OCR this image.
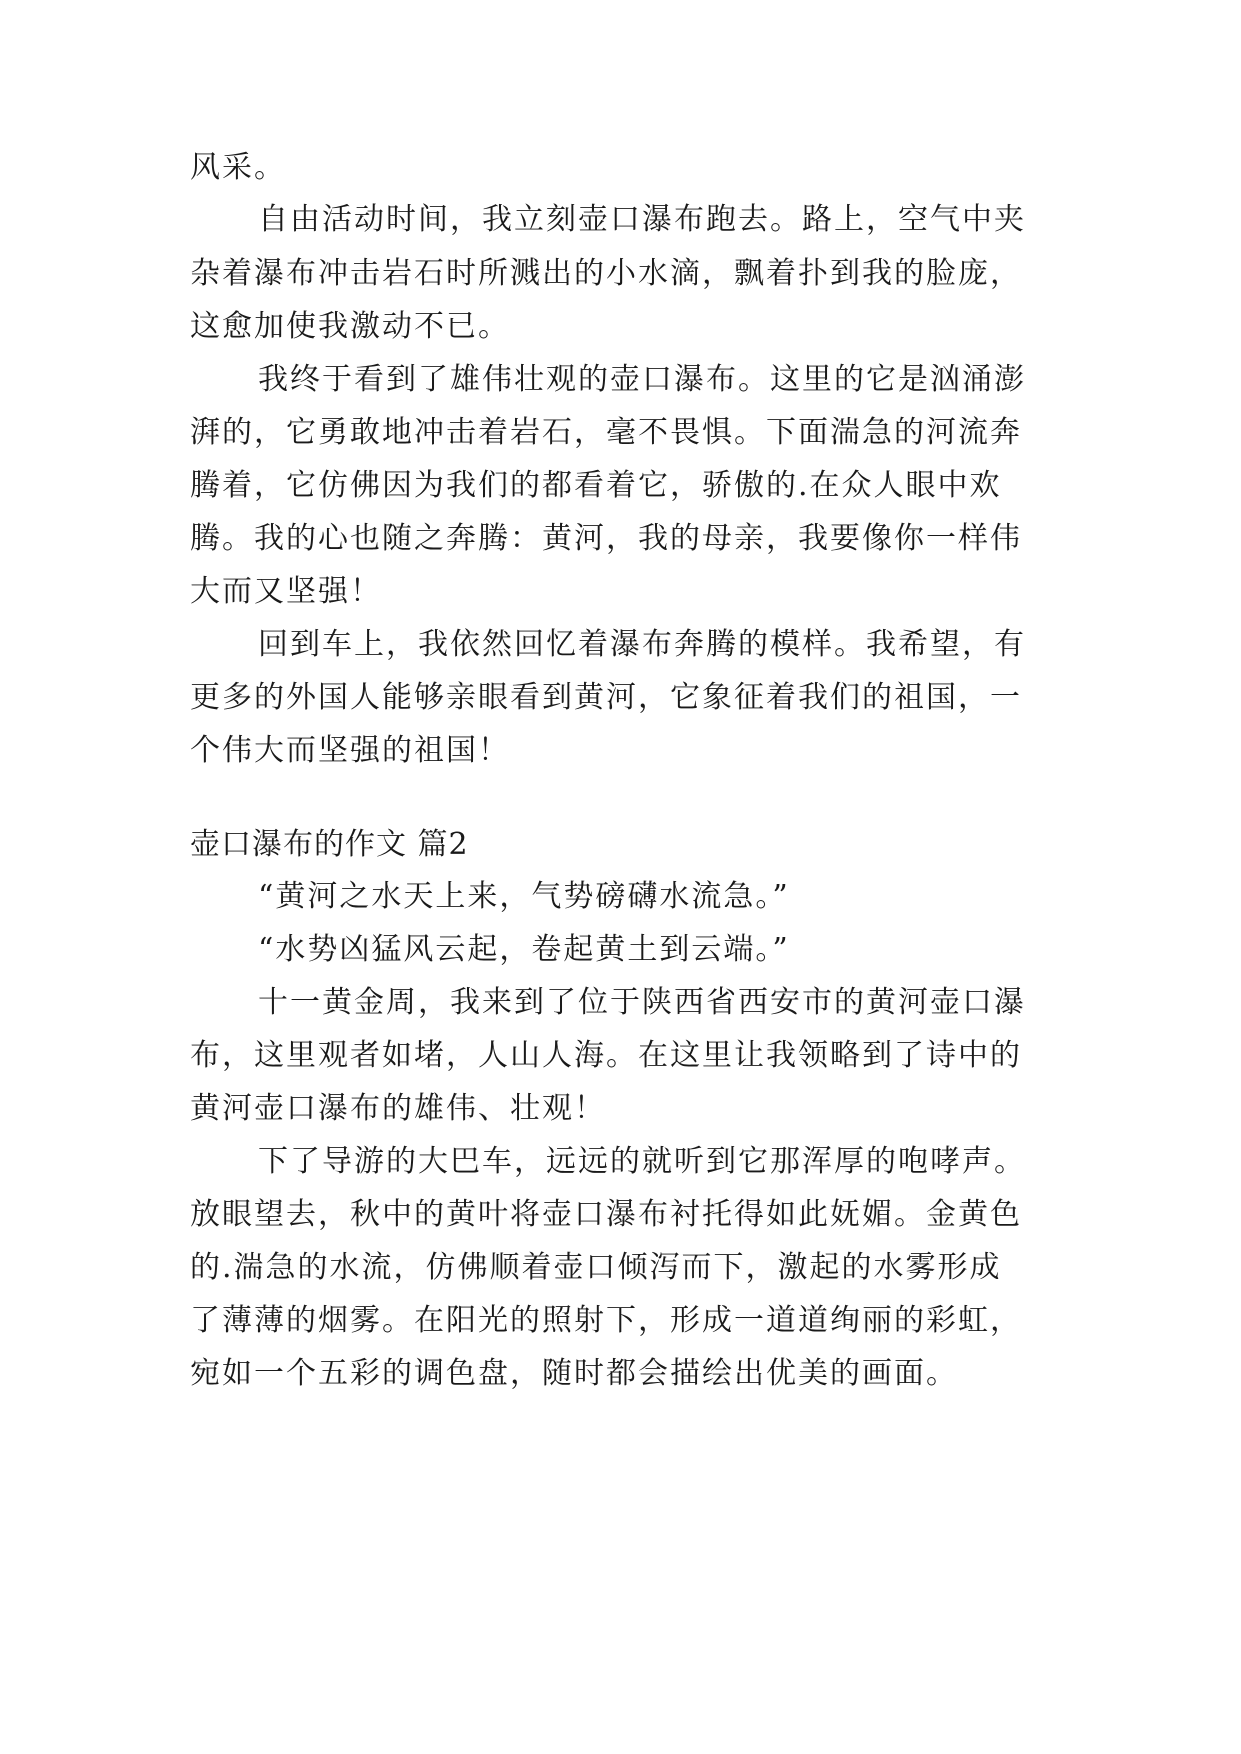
风采。
自由活动时间，我立刻壶口瀑布跑去。路上，空气中夹
杂着瀑布冲击岩石时所溅出的小水滴，飘着扑到我的脸庞，
这愈加使我激动不已。
我终于看到了雄伟壮观的壶口瀑布。这里的它是汹涌澎
湃的，它勇敢地冲击着岩石，毫不畏惧。下面湍急的河流奔
腾着，它仿佛因为我们的都看着它，骄傲的.在众人眼中欢
腾。我的心也随之奔腾：黄河，我的母亲，我要像你一样伟
大而又坚强！
回到车上，我依然回忆着瀑布奔腾的模样。我希望，有
更多的外国人能够亲眼看到黄河，它象征着我们的祖国，一
个伟大而坚强的祖国！
壶口瀑布的作文 篇2
“黄河之水天上来，气势磅礴水流急。”
“水势凶猛风云起，卷起黄土到云端。”
十一黄金周，我来到了位于陕西省西安市的黄河壶口瀑
布，这里观者如堵，人山人海。在这里让我领略到了诗中的
黄河壶口瀑布的雄伟、壮观！
下了导游的大巴车，远远的就听到它那浑厚的咆哮声。
放眼望去，秋中的黄叶将壶口瀑布衬托得如此妩媚。金黄色
的.湍急的水流，仿佛顺着壶口倾泻而下，激起的水雾形成
了薄薄的烟雾。在阳光的照射下，形成一道道绚丽的彩虹，
宛如一个五彩的调色盘，随时都会描绘出优美的画面。
